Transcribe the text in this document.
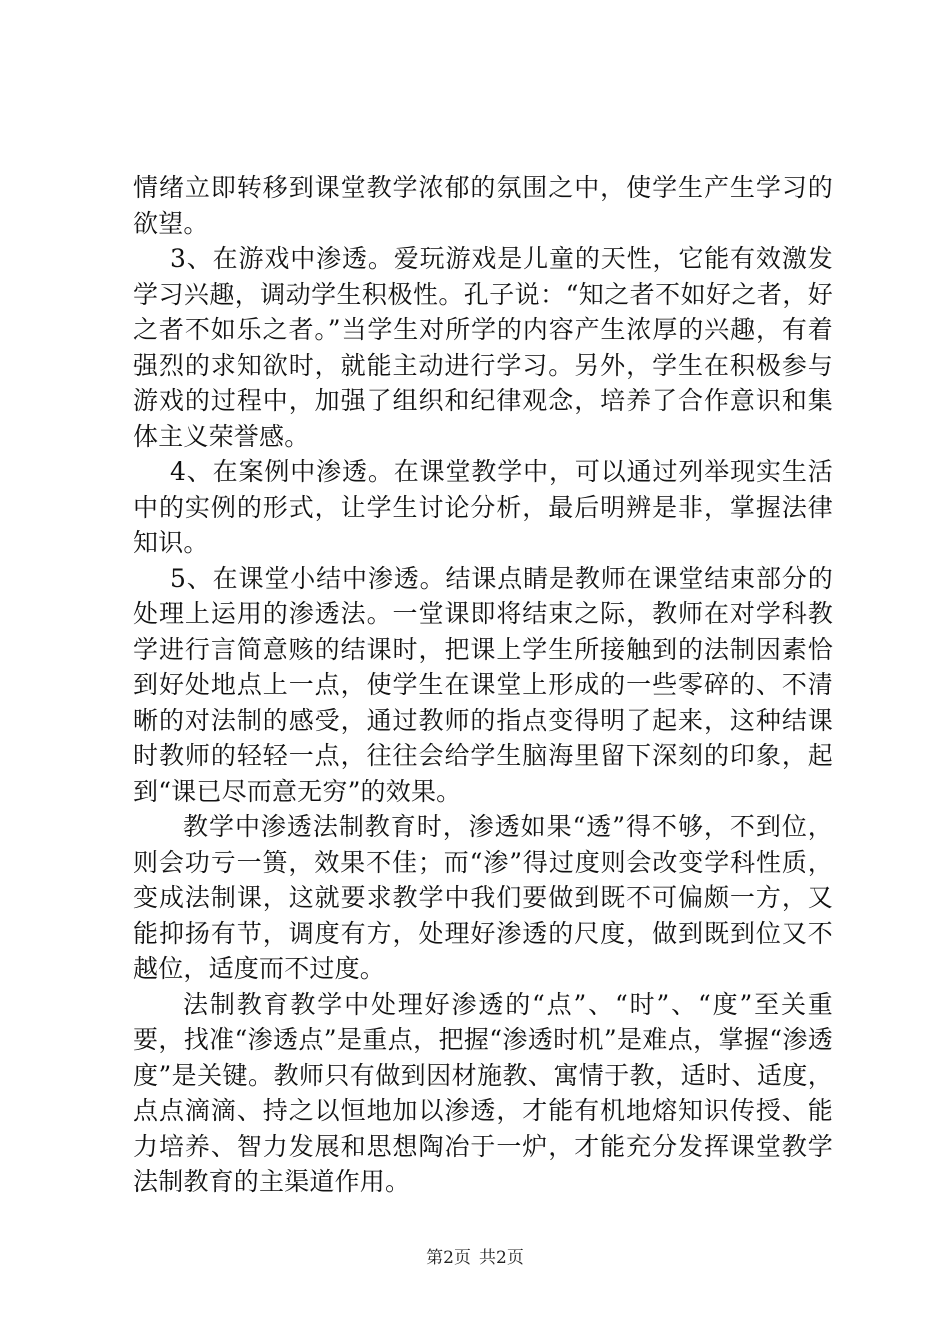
情绪立即转移到课堂教学浓郁的氛围之中，使学生产生学习的欲望。

3、在游戏中渗透。爱玩游戏是儿童的天性，它能有效激发学习兴趣，调动学生积极性。孔子说：“知之者不如好之者，好之者不如乐之者。”当学生对所学的内容产生浓厚的兴趣，有着强烈的求知欲时，就能主动进行学习。另外，学生在积极参与游戏的过程中，加强了组织和纪律观念，培养了合作意识和集体主义荣誉感。

4、在案例中渗透。在课堂教学中，可以通过列举现实生活中的实例的形式，让学生讨论分析，最后明辨是非，掌握法律知识。

5、在课堂小结中渗透。结课点睛是教师在课堂结束部分的处理上运用的渗透法。一堂课即将结束之际，教师在对学科教学进行言简意赅的结课时，把课上学生所接触到的法制因素恰到好处地点上一点，使学生在课堂上形成的一些零碎的、不清晰的对法制的感受，通过教师的指点变得明了起来，这种结课时教师的轻轻一点，往往会给学生脑海里留下深刻的印象，起到“课已尽而意无穷”的效果。

教学中渗透法制教育时，渗透如果“透”得不够，不到位，则会功亏一篑，效果不佳；而“渗”得过度则会改变学科性质，变成法制课，这就要求教学中我们要做到既不可偏颇一方，又能抑扬有节，调度有方，处理好渗透的尺度，做到既到位又不越位，适度而不过度。

法制教育教学中处理好渗透的“点”、“时”、“度”至关重要，找准“渗透点”是重点，把握“渗透时机”是难点，掌握“渗透度”是关键。教师只有做到因材施教、寓情于教，适时、适度，点点滴滴、持之以恒地加以渗透，才能有机地熔知识传授、能力培养、智力发展和思想陶冶于一炉，才能充分发挥课堂教学法制教育的主渠道作用。

第2页 共2页
